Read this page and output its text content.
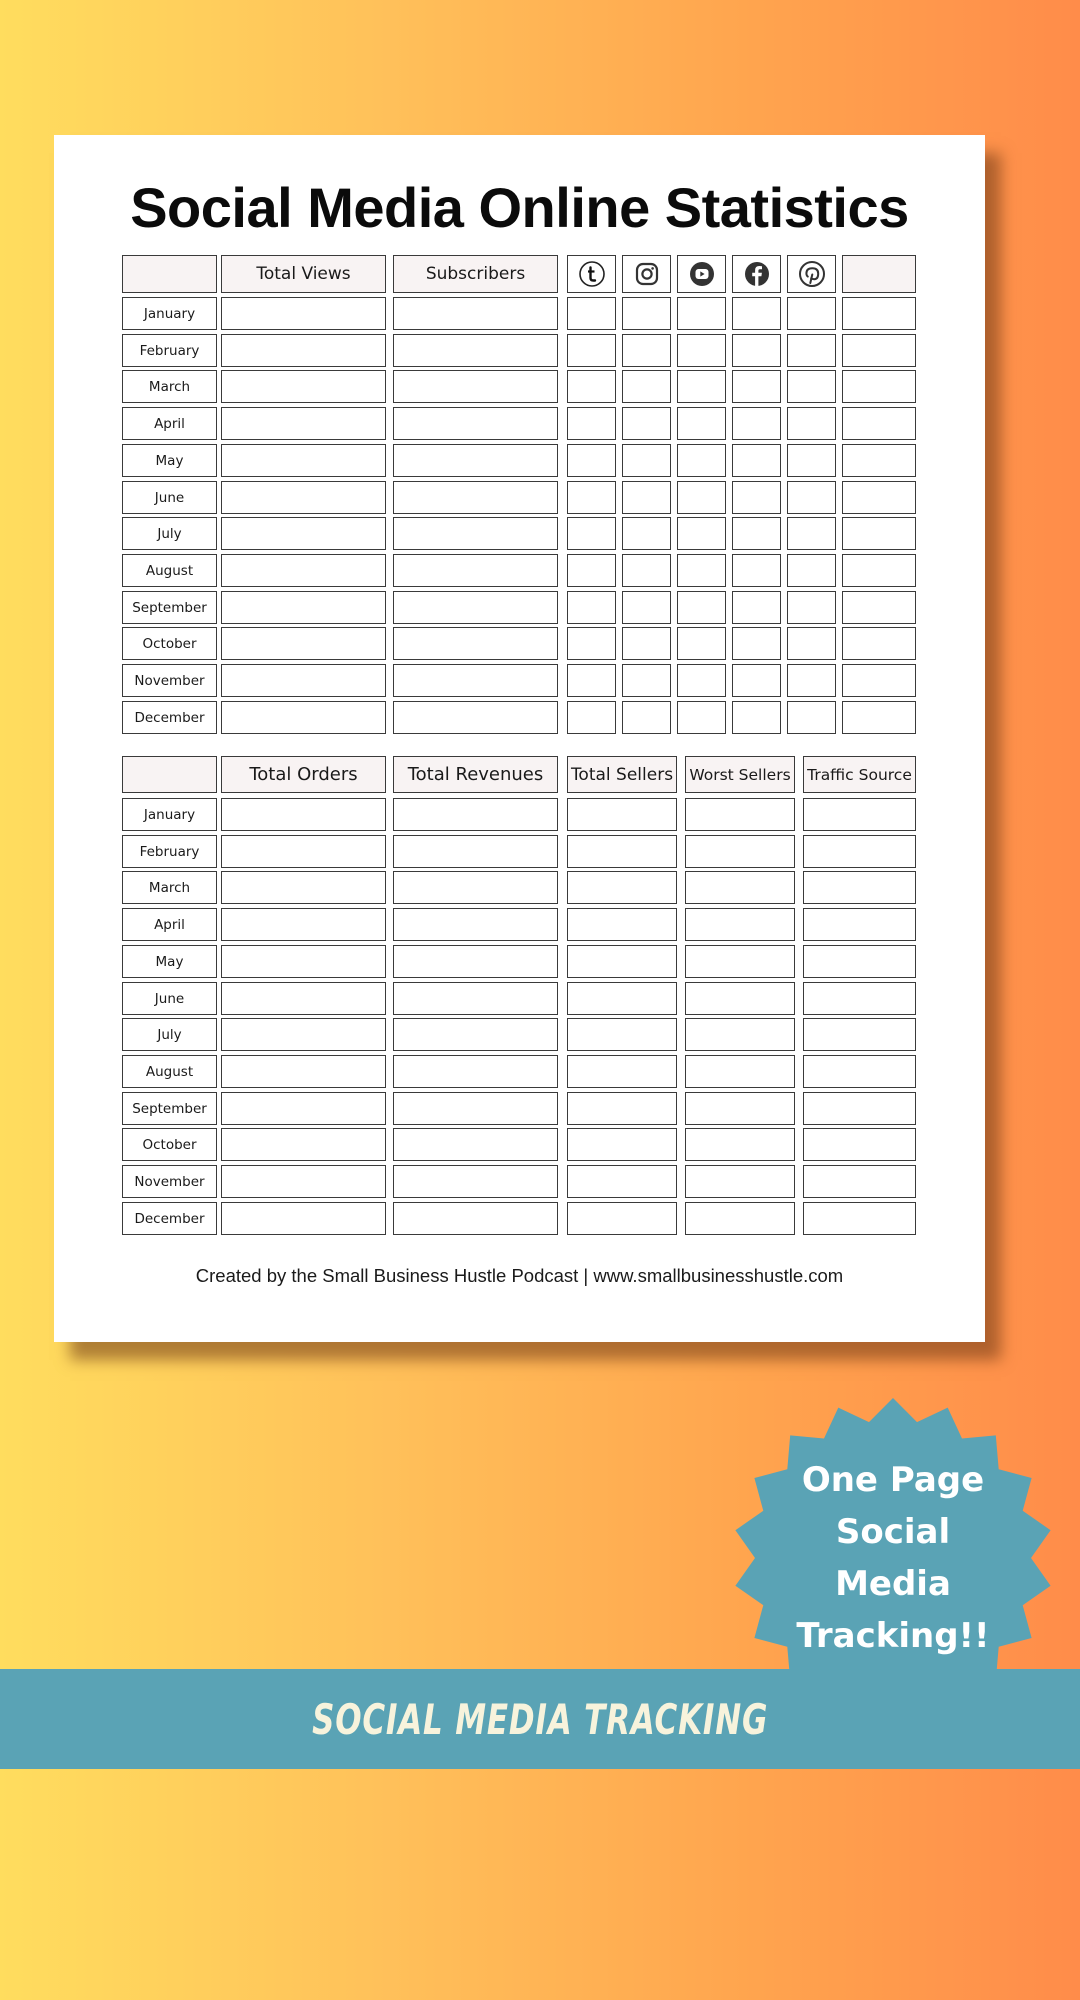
Social Media Online Statistics
Total Views	Subscribers
January
February
March
April
May
June
July
August
September
October
November
December
Total Orders	Total Revenues Total Sellers Worst Sellers Traffic Source
January
February
March
April
May
June
July
August
September
October
November
December
Created by the Small Business Hustle Podcast | www.smallbusinesshustle.com
One Page
Social
Media
Tracking!!
SOCIAL MEDIA TRACKING
